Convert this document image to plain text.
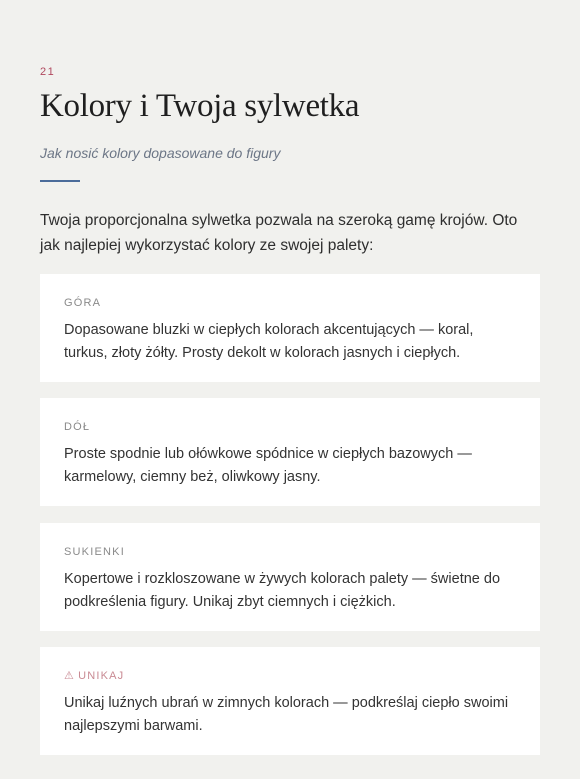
21
Kolory i Twoja sylwetka
Jak nosić kolory dopasowane do figury
Twoja proporcjonalna sylwetka pozwala na szeroką gamę krojów. Oto jak najlepiej wykorzystać kolory ze swojej palety:
GÓRA
Dopasowane bluzki w ciepłych kolorach akcentujących — koral, turkus, złoty żółty. Prosty dekolt w kolorach jasnych i ciepłych.
DÓŁ
Proste spodnie lub ołówkowe spódnice w ciepłych bazowych — karmelowy, ciemny beż, oliwkowy jasny.
SUKIENKI
Kopertowe i rozkloszowane w żywych kolorach palety — świetne do podkreślenia figury. Unikaj zbyt ciemnych i ciężkich.
⚠ UNIKAJ
Unikaj luźnych ubrań w zimnych kolorach — podkreślaj ciepło swoimi najlepszymi barwami.
